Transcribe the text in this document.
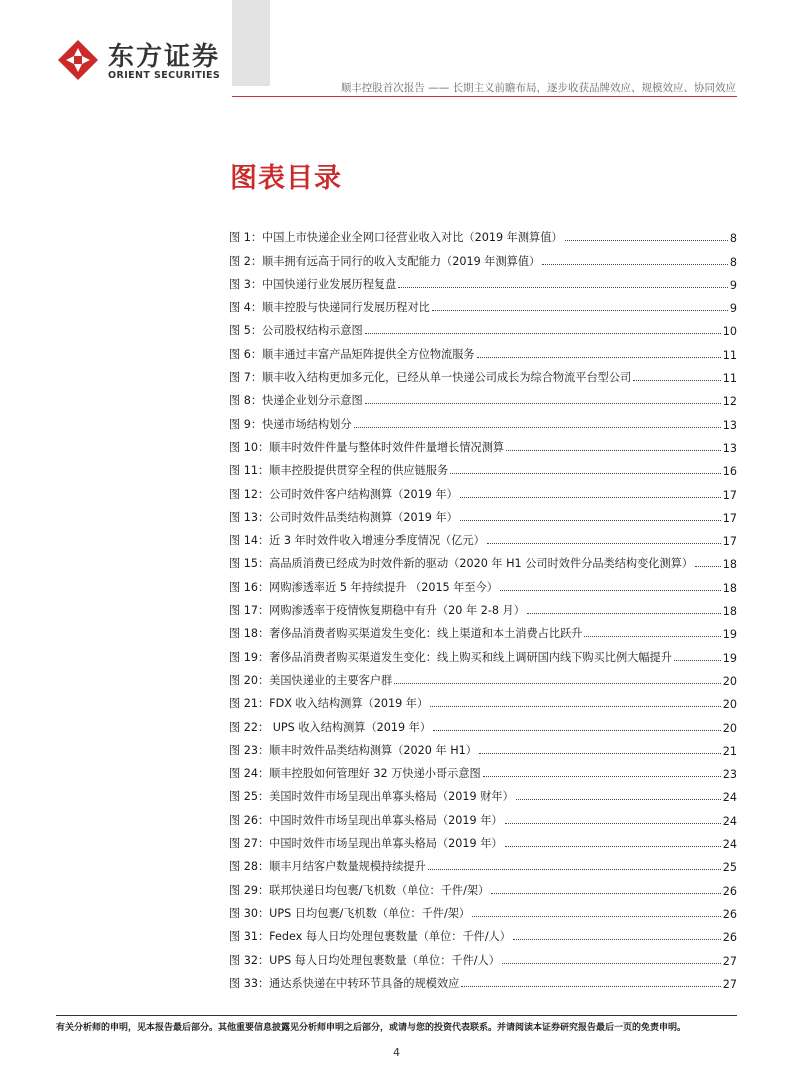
东方证券
ORIENT SECURITIES
顺丰控股首次报告 —— 长期主义前瞻布局，逐步收获品牌效应、规模效应、协同效应
图表目录
图 1：中国上市快递企业全网口径营业收入对比（2019 年测算值）	8
图 2：顺丰拥有远高于同行的收入支配能力（2019 年测算值）	8
图 3：中国快递行业发展历程复盘	9
图 4：顺丰控股与快递同行发展历程对比	9
图 5：公司股权结构示意图	10
图 6：顺丰通过丰富产品矩阵提供全方位物流服务	11
图 7：顺丰收入结构更加多元化，已经从单一快递公司成长为综合物流平台型公司	11
图 8：快递企业划分示意图	12
图 9：快递市场结构划分	13
图 10：顺丰时效件件量与整体时效件件量增长情况测算	13
图 11：顺丰控股提供贯穿全程的供应链服务	16
图 12：公司时效件客户结构测算（2019 年）	17
图 13：公司时效件品类结构测算（2019 年）	17
图 14：近 3 年时效件收入增速分季度情况（亿元）	17
图 15：高品质消费已经成为时效件新的驱动（2020 年 H1 公司时效件分品类结构变化测算）	18
图 16：网购渗透率近 5 年持续提升 （2015 年至今）	18
图 17：网购渗透率于疫情恢复期稳中有升（20 年 2-8 月）	18
图 18：奢侈品消费者购买渠道发生变化：线上渠道和本土消费占比跃升	19
图 19：奢侈品消费者购买渠道发生变化：线上购买和线上调研国内线下购买比例大幅提升	19
图 20：美国快递业的主要客户群	20
图 21：FDX 收入结构测算（2019 年）	20
图 22： UPS 收入结构测算（2019 年）	20
图 23：顺丰时效件品类结构测算（2020 年 H1）	21
图 24：顺丰控股如何管理好 32 万快递小哥示意图	23
图 25：美国时效件市场呈现出单寡头格局（2019 财年）	24
图 26：中国时效件市场呈现出单寡头格局（2019 年）	24
图 27：中国时效件市场呈现出单寡头格局（2019 年）	24
图 28：顺丰月结客户数量规模持续提升	25
图 29：联邦快递日均包裹/飞机数（单位：千件/架）	26
图 30：UPS 日均包裹/飞机数（单位：千件/架）	26
图 31：Fedex 每人日均处理包裹数量（单位：千件/人）	26
图 32：UPS 每人日均处理包裹数量（单位：千件/人）	27
图 33：通达系快递在中转环节具备的规模效应	27
有关分析师的申明，见本报告最后部分。其他重要信息披露见分析师申明之后部分，或请与您的投资代表联系。并请阅读本证券研究报告最后一页的免责申明。
4
